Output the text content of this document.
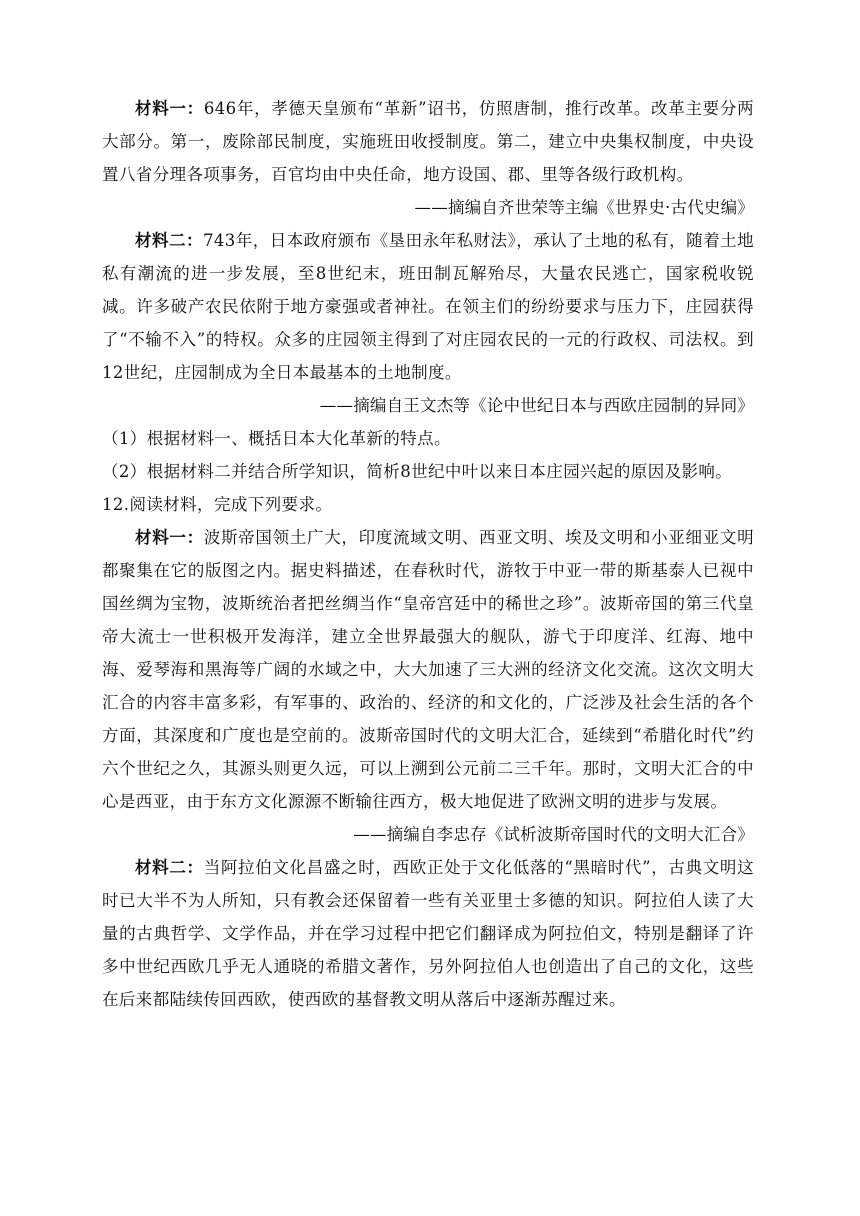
材料一：646年，孝德天皇颁布“革新”诏书，仿照唐制，推行改革。改革主要分两大部分。第一，废除部民制度，实施班田收授制度。第二，建立中央集权制度，中央设置八省分理各项事务，百官均由中央任命，地方设国、郡、里等各级行政机构。

——摘编自齐世荣等主编《世界史·古代史编》

材料二：743年，日本政府颁布《垦田永年私财法》，承认了土地的私有，随着土地私有潮流的进一步发展，至8世纪末，班田制瓦解殆尽，大量农民逃亡，国家税收锐减。许多破产农民依附于地方豪强或者神社。在领主们的纷纷要求与压力下，庄园获得了“不输不入”的特权。众多的庄园领主得到了对庄园农民的一元的行政权、司法权。到12世纪，庄园制成为全日本最基本的土地制度。

——摘编自王文杰等《论中世纪日本与西欧庄园制的异同》

（1）根据材料一、概括日本大化革新的特点。

（2）根据材料二并结合所学知识，简析8世纪中叶以来日本庄园兴起的原因及影响。

12.阅读材料，完成下列要求。

材料一：波斯帝国领土广大，印度流域文明、西亚文明、埃及文明和小亚细亚文明都聚集在它的版图之内。据史料描述，在春秋时代，游牧于中亚一带的斯基泰人已视中国丝绸为宝物，波斯统治者把丝绸当作“皇帝宫廷中的稀世之珍”。波斯帝国的第三代皇帝大流士一世积极开发海洋，建立全世界最强大的舰队，游弋于印度洋、红海、地中海、爱琴海和黑海等广阔的水域之中，大大加速了三大洲的经济文化交流。这次文明大汇合的内容丰富多彩，有军事的、政治的、经济的和文化的，广泛涉及社会生活的各个方面，其深度和广度也是空前的。波斯帝国时代的文明大汇合，延续到“希腊化时代”约六个世纪之久，其源头则更久远，可以上溯到公元前二三千年。那时，文明大汇合的中心是西亚，由于东方文化源源不断输往西方，极大地促进了欧洲文明的进步与发展。

——摘编自李忠存《试析波斯帝国时代的文明大汇合》

材料二：当阿拉伯文化昌盛之时，西欧正处于文化低落的“黑暗时代”，古典文明这时已大半不为人所知，只有教会还保留着一些有关亚里士多德的知识。阿拉伯人读了大量的古典哲学、文学作品，并在学习过程中把它们翻译成为阿拉伯文，特别是翻译了许多中世纪西欧几乎无人通晓的希腊文著作，另外阿拉伯人也创造出了自己的文化，这些在后来都陆续传回西欧，使西欧的基督教文明从落后中逐渐苏醒过来。
